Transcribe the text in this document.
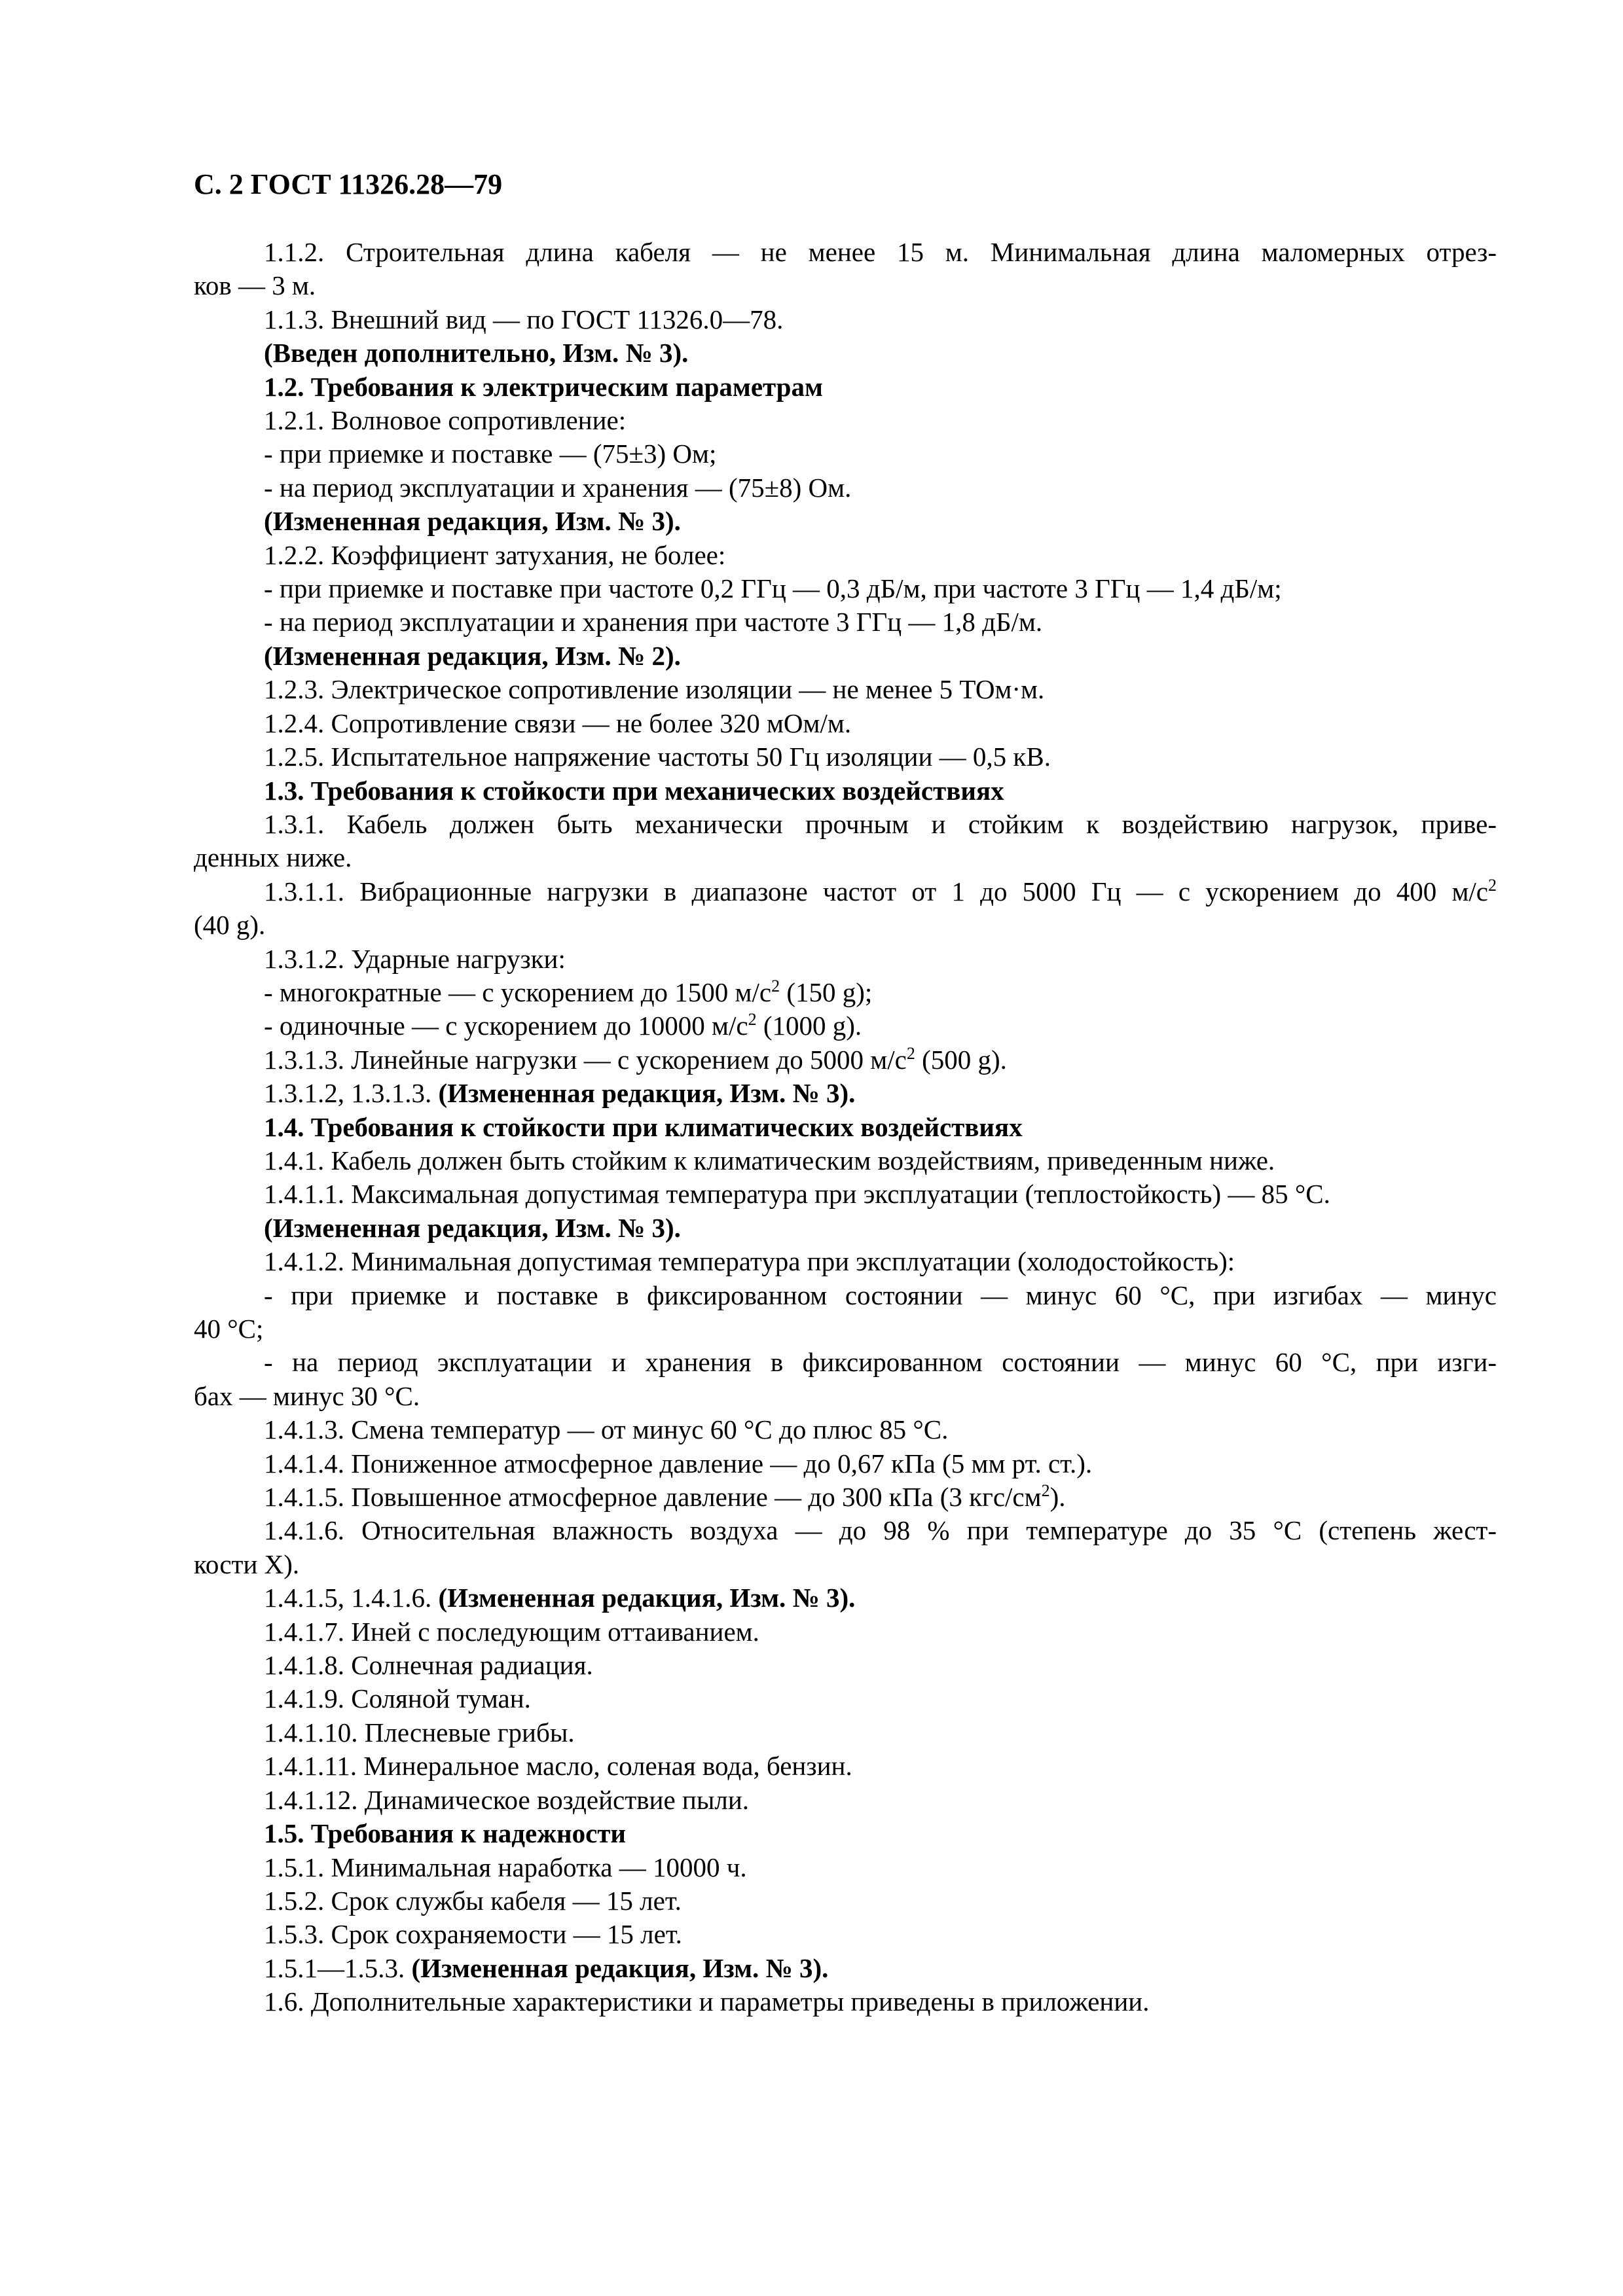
С. 2 ГОСТ 11326.28—79

1.1.2. Строительная длина кабеля — не менее 15 м. Минимальная длина маломерных отрез-

ков — 3 м.

1.1.3. Внешний вид — по ГОСТ 11326.0—78.

(Введен дополнительно, Изм. № 3).

1.2. Требования к электрическим параметрам

1.2.1. Волновое сопротивление:

- при приемке и поставке — (75±3) Ом;

- на период эксплуатации и хранения — (75±8) Ом.

(Измененная редакция, Изм. № 3).

1.2.2. Коэффициент затухания, не более:

- при приемке и поставке при частоте 0,2 ГГц — 0,3 дБ/м, при частоте 3 ГГц — 1,4 дБ/м;

- на период эксплуатации и хранения при частоте 3 ГГц — 1,8 дБ/м.

(Измененная редакция, Изм. № 2).

1.2.3. Электрическое сопротивление изоляции — не менее 5 ТОм·м.

1.2.4. Сопротивление связи — не более 320 мОм/м.

1.2.5. Испытательное напряжение частоты 50 Гц изоляции — 0,5 кВ.

1.3. Требования к стойкости при механических воздействиях

1.3.1. Кабель должен быть механически прочным и стойким к воздействию нагрузок, приве-

денных ниже.

1.3.1.1. Вибрационные нагрузки в диапазоне частот от 1 до 5000 Гц — с ускорением до 400 $м/с^2$

(40 g).

1.3.1.2. Ударные нагрузки:

- многократные — с ускорением до 1500 $м/с^2$ (150 g);

- одиночные — с ускорением до 10000 $м/с^2$ (1000 g).

1.3.1.3. Линейные нагрузки — с ускорением до 5000 $м/с^2$ (500 g).

1.3.1.2, 1.3.1.3. (Измененная редакция, Изм. № 3).

1.4. Требования к стойкости при климатических воздействиях

1.4.1. Кабель должен быть стойким к климатическим воздействиям, приведенным ниже.

1.4.1.1. Максимальная допустимая температура при эксплуатации (теплостойкость) — 85 °С.

(Измененная редакция, Изм. № 3).

1.4.1.2. Минимальная допустимая температура при эксплуатации (холодостойкость):

- при приемке и поставке в фиксированном состоянии — минус 60 °С, при изгибах — минус

40 °С;

- на период эксплуатации и хранения в фиксированном состоянии — минус 60 °С, при изги-

бах — минус 30 °С.

1.4.1.3. Смена температур — от минус 60 °С до плюс 85 °С.

1.4.1.4. Пониженное атмосферное давление — до 0,67 кПа (5 мм рт. ст.).

1.4.1.5. Повышенное атмосферное давление — до 300 кПа (3 кгс/$см^2$).

1.4.1.6. Относительная влажность воздуха — до 98 % при температуре до 35 °С (степень жест-

кости X).

1.4.1.5, 1.4.1.6. (Измененная редакция, Изм. № 3).

1.4.1.7. Иней с последующим оттаиванием.

1.4.1.8. Солнечная радиация.

1.4.1.9. Соляной туман.

1.4.1.10. Плесневые грибы.

1.4.1.11. Минеральное масло, соленая вода, бензин.

1.4.1.12. Динамическое воздействие пыли.

1.5. Требования к надежности

1.5.1. Минимальная наработка — 10000 ч.

1.5.2. Срок службы кабеля — 15 лет.

1.5.3. Срок сохраняемости — 15 лет.

1.5.1—1.5.3. (Измененная редакция, Изм. № 3).

1.6. Дополнительные характеристики и параметры приведены в приложении.
